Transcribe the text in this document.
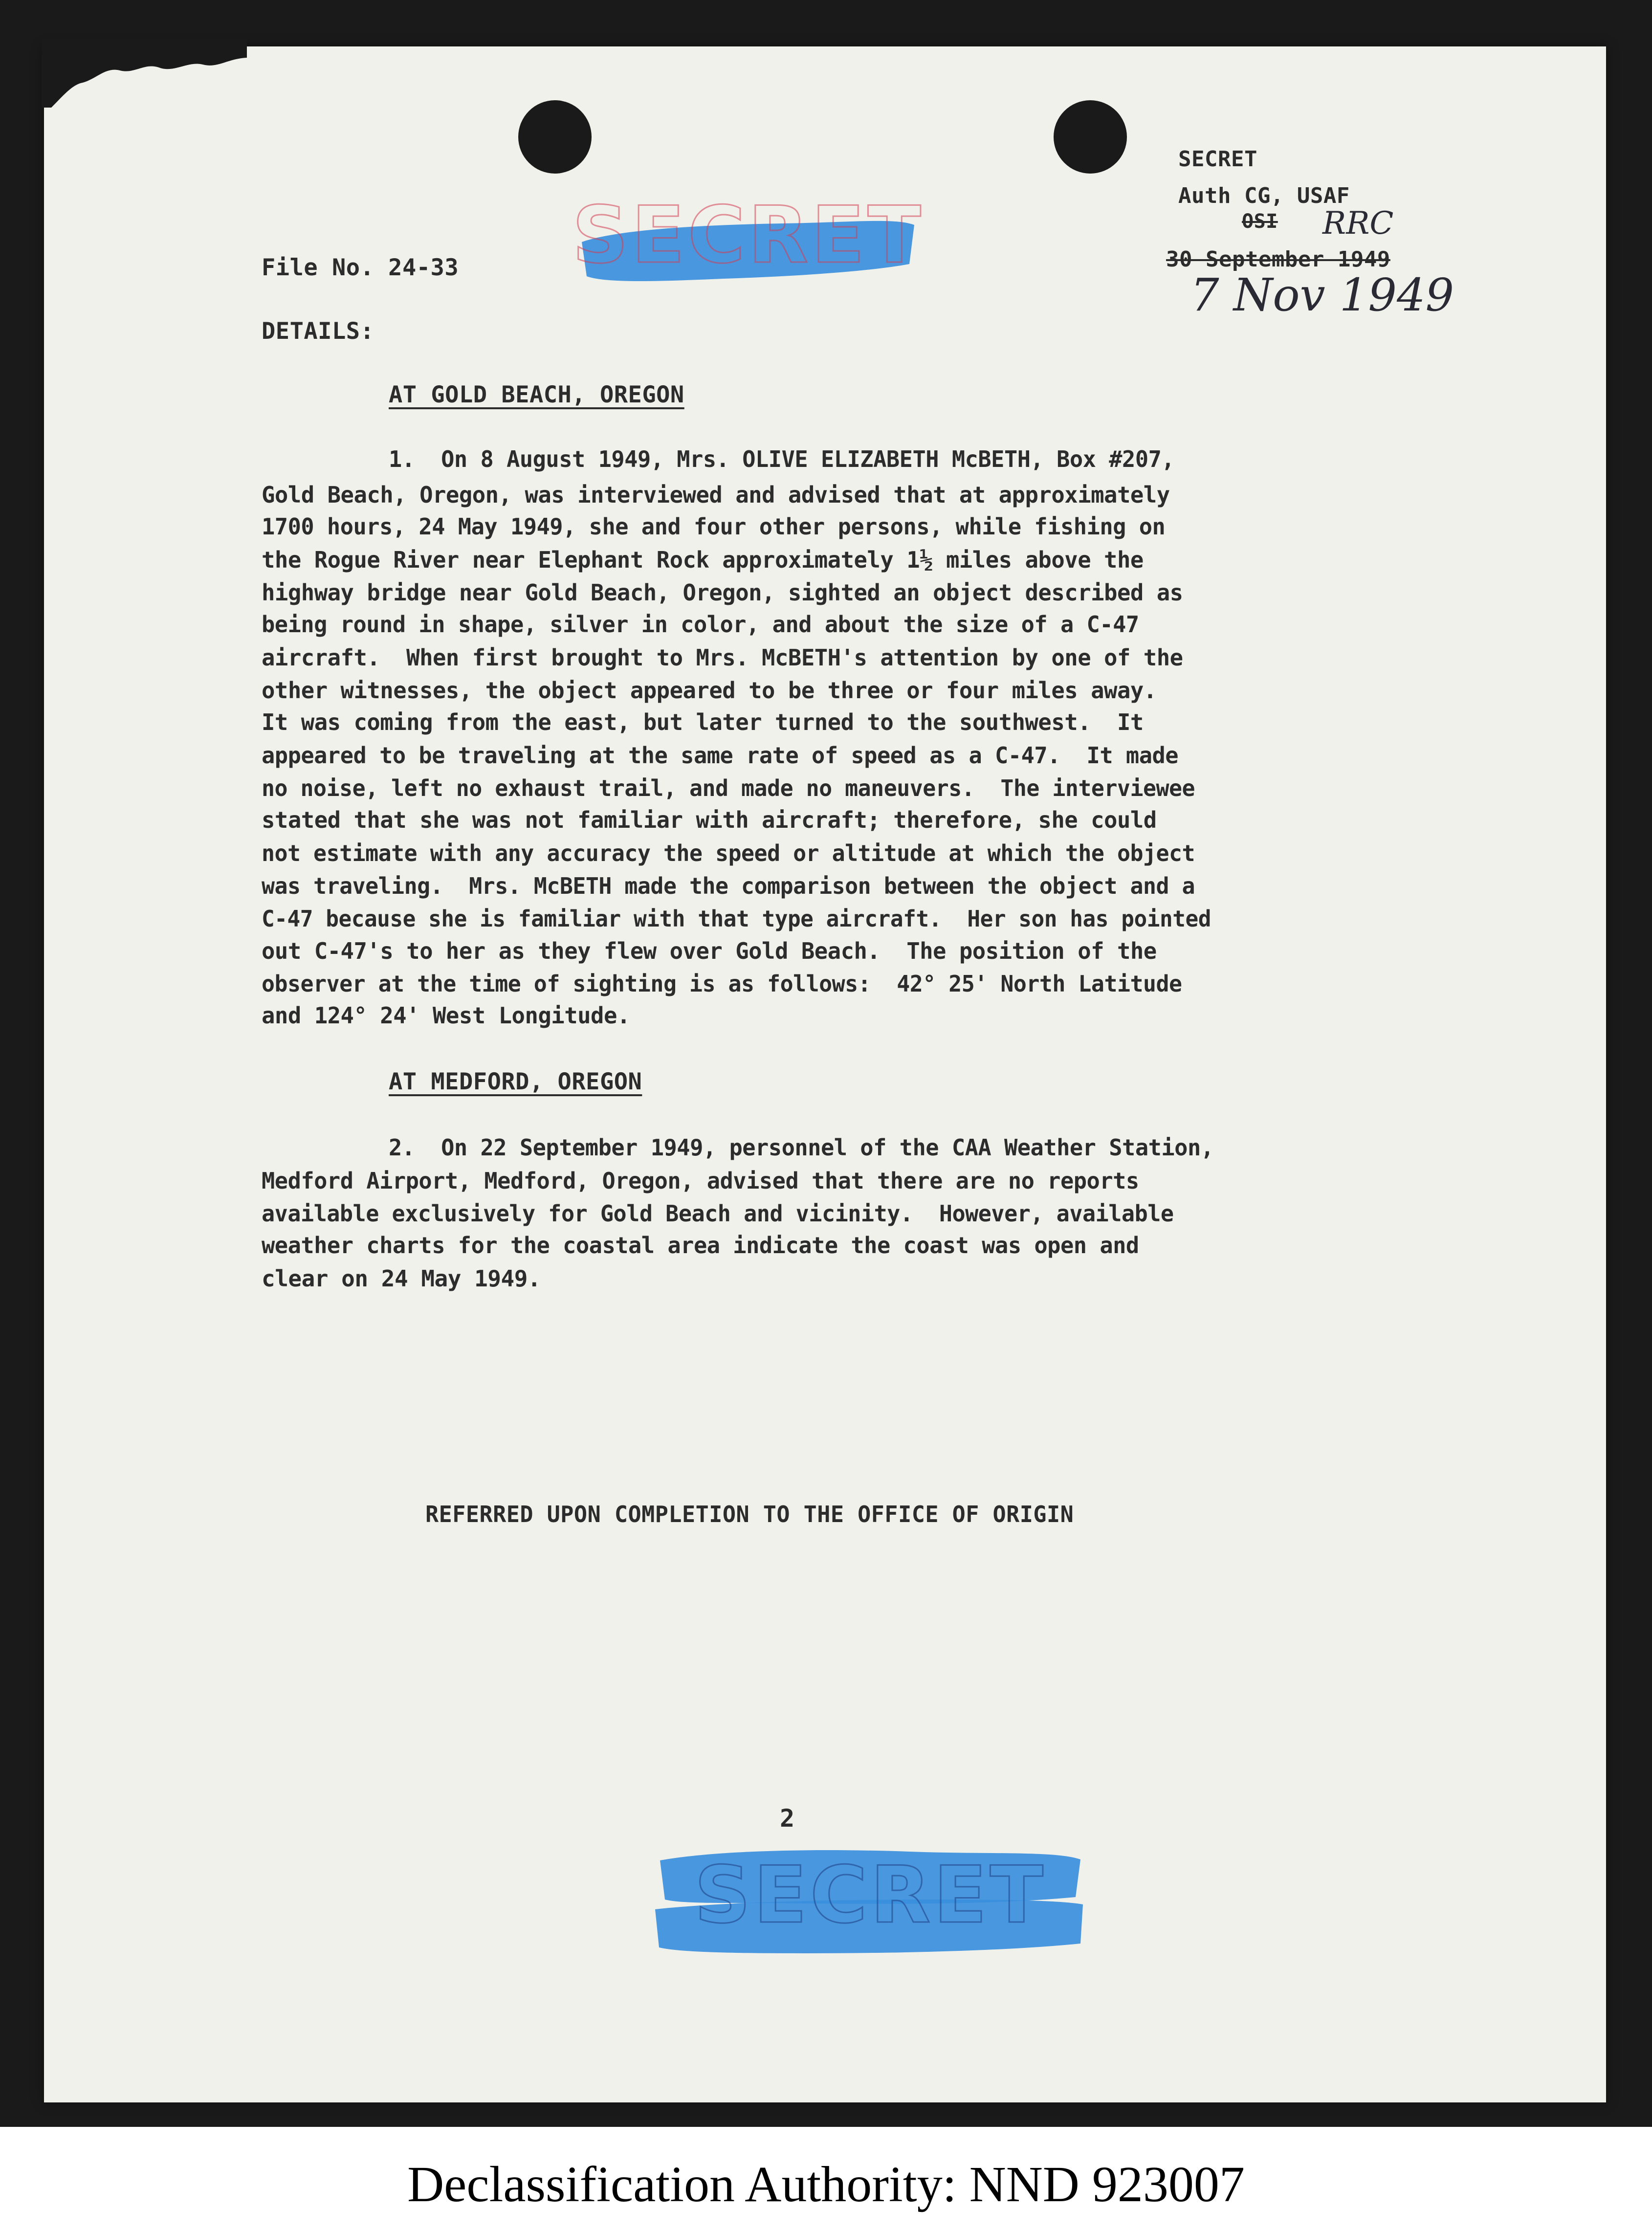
SECRET
SECRET
Auth CG, USAF
OSI RRC
30 September 1949
7 Nov 1949
File No. 24-33
DETAILS:
AT GOLD BEACH, OREGON
1.  On 8 August 1949, Mrs. OLIVE ELIZABETH McBETH, Box #207,
Gold Beach, Oregon, was interviewed and advised that at approximately
1700 hours, 24 May 1949, she and four other persons, while fishing on
the Rogue River near Elephant Rock approximately 1½ miles above the
highway bridge near Gold Beach, Oregon, sighted an object described as
being round in shape, silver in color, and about the size of a C-47
aircraft.  When first brought to Mrs. McBETH's attention by one of the
other witnesses, the object appeared to be three or four miles away.
It was coming from the east, but later turned to the southwest.  It
appeared to be traveling at the same rate of speed as a C-47.  It made
no noise, left no exhaust trail, and made no maneuvers.  The interviewee
stated that she was not familiar with aircraft; therefore, she could
not estimate with any accuracy the speed or altitude at which the object
was traveling.  Mrs. McBETH made the comparison between the object and a
C-47 because she is familiar with that type aircraft.  Her son has pointed
out C-47's to her as they flew over Gold Beach.  The position of the
observer at the time of sighting is as follows:  42° 25' North Latitude
and 124° 24' West Longitude.
AT MEDFORD, OREGON
2.  On 22 September 1949, personnel of the CAA Weather Station,
Medford Airport, Medford, Oregon, advised that there are no reports
available exclusively for Gold Beach and vicinity.  However, available
weather charts for the coastal area indicate the coast was open and
clear on 24 May 1949.
REFERRED UPON COMPLETION TO THE OFFICE OF ORIGIN
2
SECRET
Declassification Authority: NND 923007
